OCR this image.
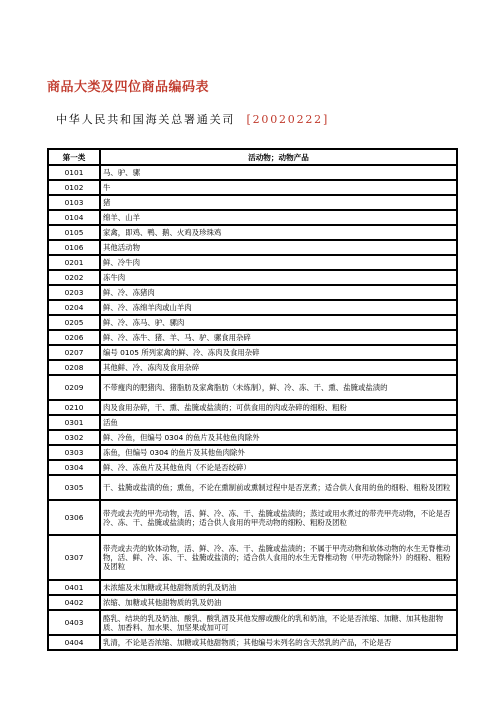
商品大类及四位商品编码表
中华人民共和国海关总署通关司 [20020222]
第一类	活动物；动物产品
0101	马、驴、骡
0102	牛
0103	猪
0104	绵羊、山羊
0105	家禽，即鸡、鸭、鹅、火鸡及珍珠鸡
0106	其他活动物
0201	鲜、冷牛肉
0202	冻牛肉
0203	鲜、冷、冻猪肉
0204	鲜、冷、冻绵羊肉或山羊肉
0205	鲜、冷、冻马、驴、骡肉
0206	鲜、冷、冻牛、猪、羊、马、驴、骡食用杂碎
0207	编号 0105 所列家禽的鲜、冷、冻肉及食用杂碎
0208	其他鲜、冷、冻肉及食用杂碎
0209	不带瘦肉的肥猪肉、猪脂肪及家禽脂肪（未炼制），鲜、冷、冻、干、熏、盐腌或盐渍的
0210	肉及食用杂碎，干、熏、盐腌或盐渍的；可供食用的肉或杂碎的细粉、粗粉
0301	活鱼
0302	鲜、冷鱼，但编号 0304 的鱼片及其他鱼肉除外
0303	冻鱼，但编号 0304 的鱼片及其他鱼肉除外
0304	鲜、冷、冻鱼片及其他鱼肉（不论是否绞碎）
0305	干、盐腌或盐渍的鱼；熏鱼，不论在熏制前或熏制过程中是否烹煮；适合供人食用的鱼的细粉、粗粉及团粒
0306	带壳或去壳的甲壳动物，活、鲜、冷、冻、干、盐腌或盐渍的；蒸过或用水煮过的带壳甲壳动物，不论是否冷、冻、干、盐腌或盐渍的；适合供人食用的甲壳动物的细粉、粗粉及团粒
0307	带壳或去壳的软体动物，活、鲜、冷、冻、干、盐腌或盐渍的；不属于甲壳动物和软体动物的水生无脊椎动物，活、鲜、冷、冻、干、盐腌或盐渍的；适合供人食用的水生无脊椎动物（甲壳动物除外）的细粉、粗粉及团粒
0401	未浓缩及未加糖或其他甜物质的乳及奶油
0402	浓缩、加糖或其他甜物质的乳及奶油
0403	酪乳、结块的乳及奶油、酸乳、酸乳酒及其他发酵或酸化的乳和奶油，不论是否浓缩、加糖、加其他甜物质、加香料、加水果、加坚果或加可可
0404	乳清，不论是否浓缩、加糖或其他甜物质；其他编号未列名的含天然乳的产品，不论是否
